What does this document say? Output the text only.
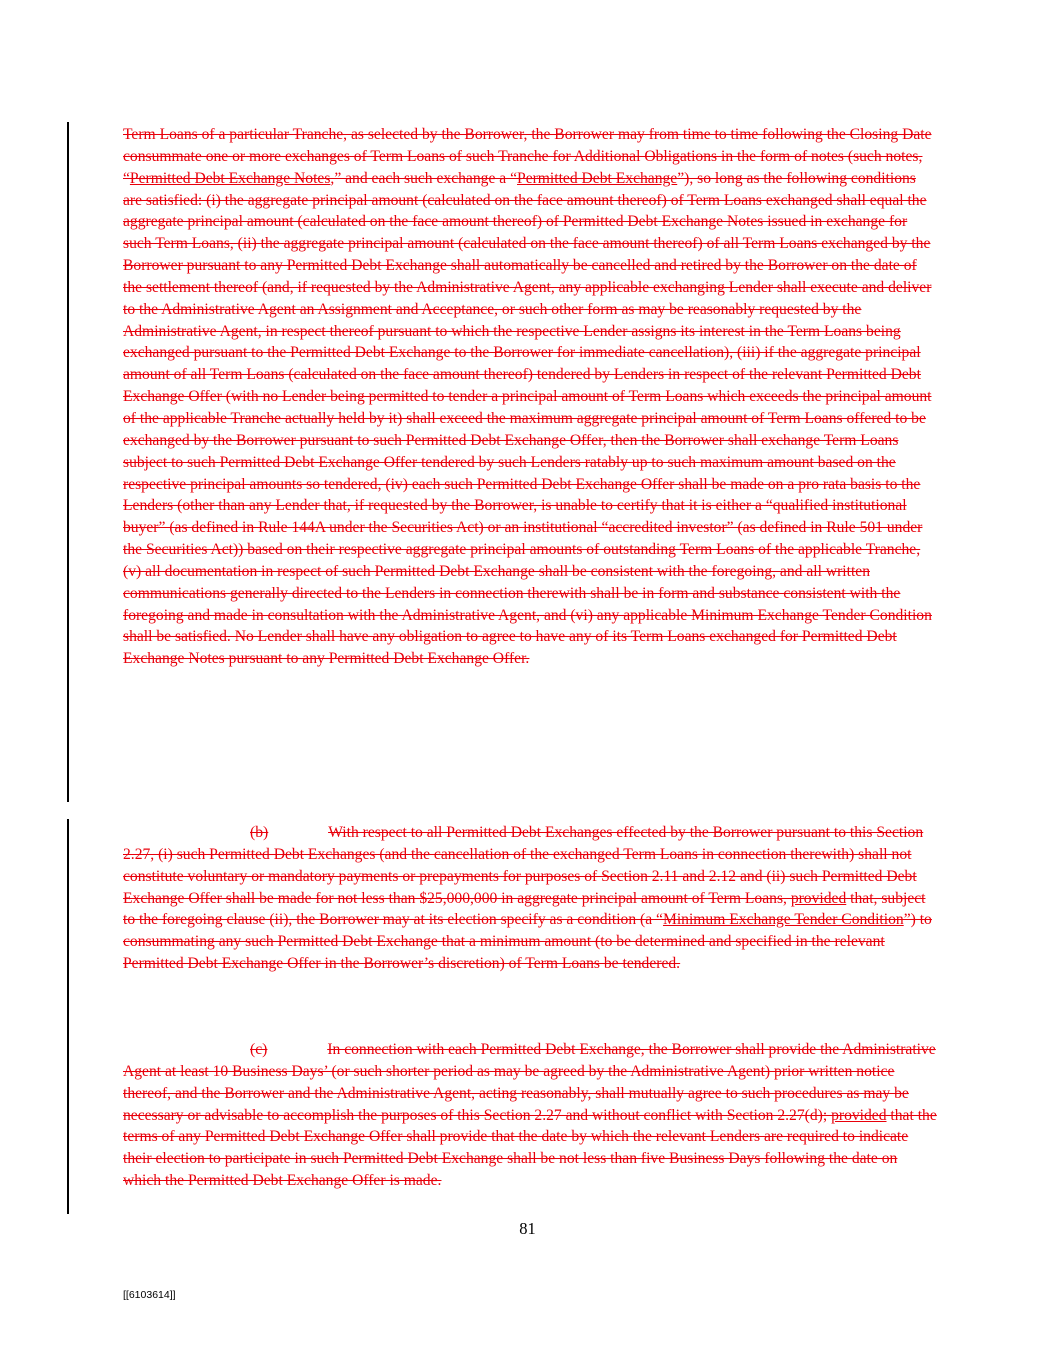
Term Loans of a particular Tranche, as selected by the Borrower, the Borrower may from time to time following the Closing Date consummate one or more exchanges of Term Loans of such Tranche for Additional Obligations in the form of notes (such notes, “Permitted Debt Exchange Notes,” and each such exchange a “Permitted Debt Exchange”), so long as the following conditions are satisfied: (i) the aggregate principal amount (calculated on the face amount thereof) of Term Loans exchanged shall equal the aggregate principal amount (calculated on the face amount thereof) of Permitted Debt Exchange Notes issued in exchange for such Term Loans, (ii) the aggregate principal amount (calculated on the face amount thereof) of all Term Loans exchanged by the Borrower pursuant to any Permitted Debt Exchange shall automatically be cancelled and retired by the Borrower on the date of the settlement thereof (and, if requested by the Administrative Agent, any applicable exchanging Lender shall execute and deliver to the Administrative Agent an Assignment and Acceptance, or such other form as may be reasonably requested by the Administrative Agent, in respect thereof pursuant to which the respective Lender assigns its interest in the Term Loans being exchanged pursuant to the Permitted Debt Exchange to the Borrower for immediate cancellation), (iii) if the aggregate principal amount of all Term Loans (calculated on the face amount thereof) tendered by Lenders in respect of the relevant Permitted Debt Exchange Offer (with no Lender being permitted to tender a principal amount of Term Loans which exceeds the principal amount of the applicable Tranche actually held by it) shall exceed the maximum aggregate principal amount of Term Loans offered to be exchanged by the Borrower pursuant to such Permitted Debt Exchange Offer, then the Borrower shall exchange Term Loans subject to such Permitted Debt Exchange Offer tendered by such Lenders ratably up to such maximum amount based on the respective principal amounts so tendered, (iv) each such Permitted Debt Exchange Offer shall be made on a pro rata basis to the Lenders (other than any Lender that, if requested by the Borrower, is unable to certify that it is either a “qualified institutional buyer” (as defined in Rule 144A under the Securities Act) or an institutional “accredited investor” (as defined in Rule 501 under the Securities Act)) based on their respective aggregate principal amounts of outstanding Term Loans of the applicable Tranche, (v) all documentation in respect of such Permitted Debt Exchange shall be consistent with the foregoing, and all written communications generally directed to the Lenders in connection therewith shall be in form and substance consistent with the foregoing and made in consultation with the Administrative Agent, and (vi) any applicable Minimum Exchange Tender Condition shall be satisfied. No Lender shall have any obligation to agree to have any of its Term Loans exchanged for Permitted Debt Exchange Notes pursuant to any Permitted Debt Exchange Offer.
(b)	With respect to all Permitted Debt Exchanges effected by the Borrower pursuant to this Section 2.27, (i) such Permitted Debt Exchanges (and the cancellation of the exchanged Term Loans in connection therewith) shall not constitute voluntary or mandatory payments or prepayments for purposes of Section 2.11 and 2.12 and (ii) such Permitted Debt Exchange Offer shall be made for not less than $25,000,000 in aggregate principal amount of Term Loans, provided that, subject to the foregoing clause (ii), the Borrower may at its election specify as a condition (a “Minimum Exchange Tender Condition”) to consummating any such Permitted Debt Exchange that a minimum amount (to be determined and specified in the relevant Permitted Debt Exchange Offer in the Borrower’s discretion) of Term Loans be tendered.
(c)	In connection with each Permitted Debt Exchange, the Borrower shall provide the Administrative Agent at least 10 Business Days’ (or such shorter period as may be agreed by the Administrative Agent) prior written notice thereof, and the Borrower and the Administrative Agent, acting reasonably, shall mutually agree to such procedures as may be necessary or advisable to accomplish the purposes of this Section 2.27 and without conflict with Section 2.27(d); provided that the terms of any Permitted Debt Exchange Offer shall provide that the date by which the relevant Lenders are required to indicate their election to participate in such Permitted Debt Exchange shall be not less than five Business Days following the date on which the Permitted Debt Exchange Offer is made.
81
[[6103614]]
